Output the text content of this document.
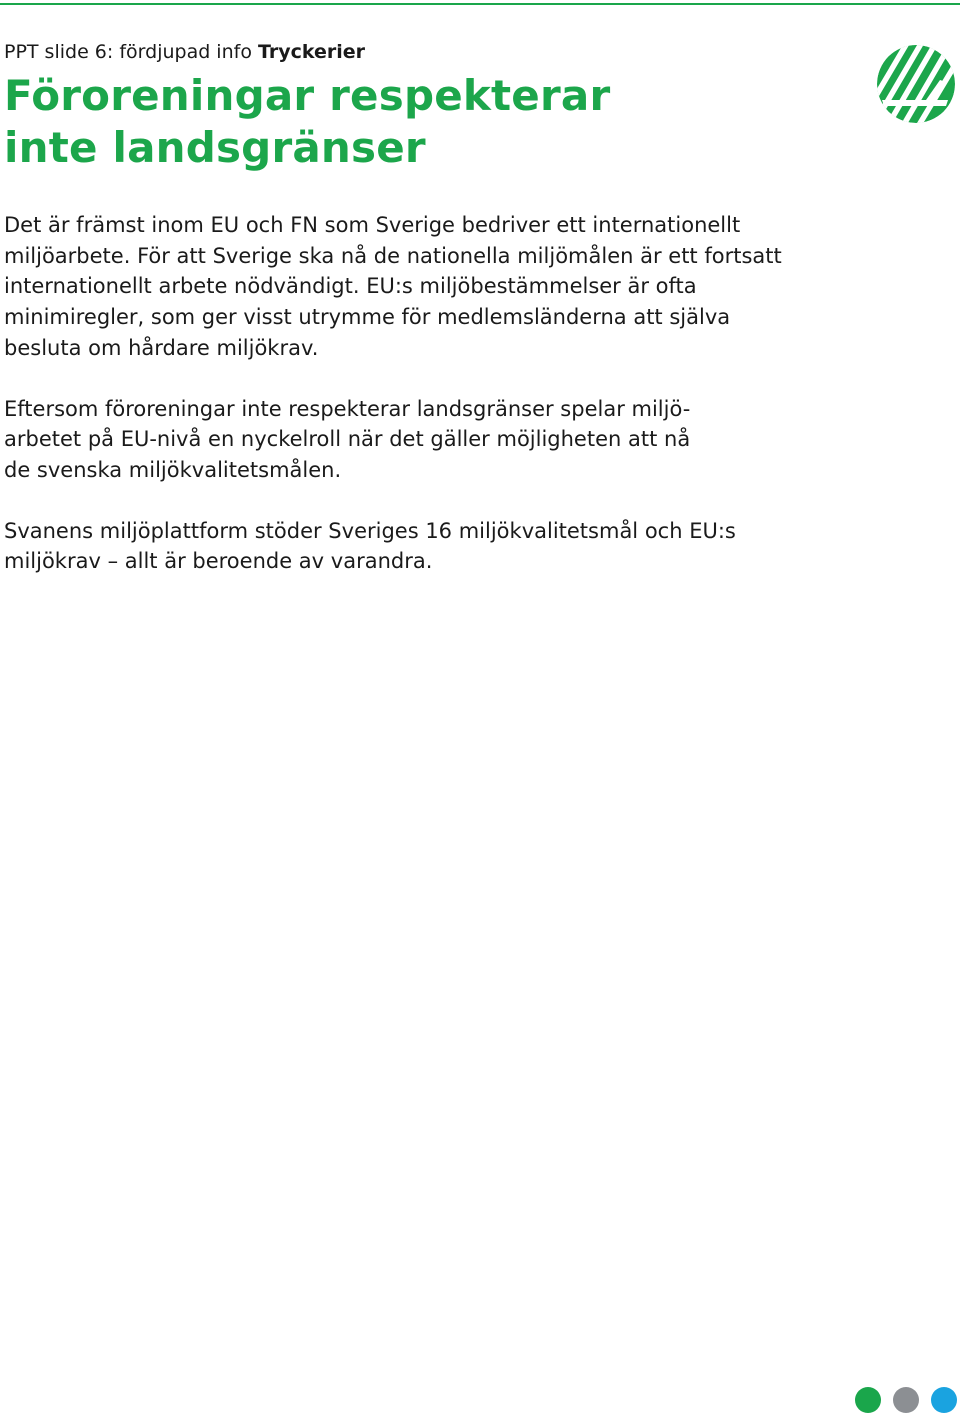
PPT slide 6: fördjupad info Tryckerier
Föroreningar respekterar
inte landsgränser

Det är främst inom EU och FN som Sverige bedriver ett internationellt
miljöarbete. För att Sverige ska nå de nationella miljömålen är ett fortsatt
internationellt arbete nödvändigt. EU:s miljöbestämmelser är ofta
minimiregler, som ger visst utrymme för medlemsländerna att själva
besluta om hårdare miljökrav.

Eftersom föroreningar inte respekterar landsgränser spelar miljö-
arbetet på EU-nivå en nyckelroll när det gäller möjligheten att nå
de svenska miljökvalitetsmålen.

Svanens miljöplattform stöder Sveriges 16 miljökvalitetsmål och EU:s
miljökrav – allt är beroende av varandra.
